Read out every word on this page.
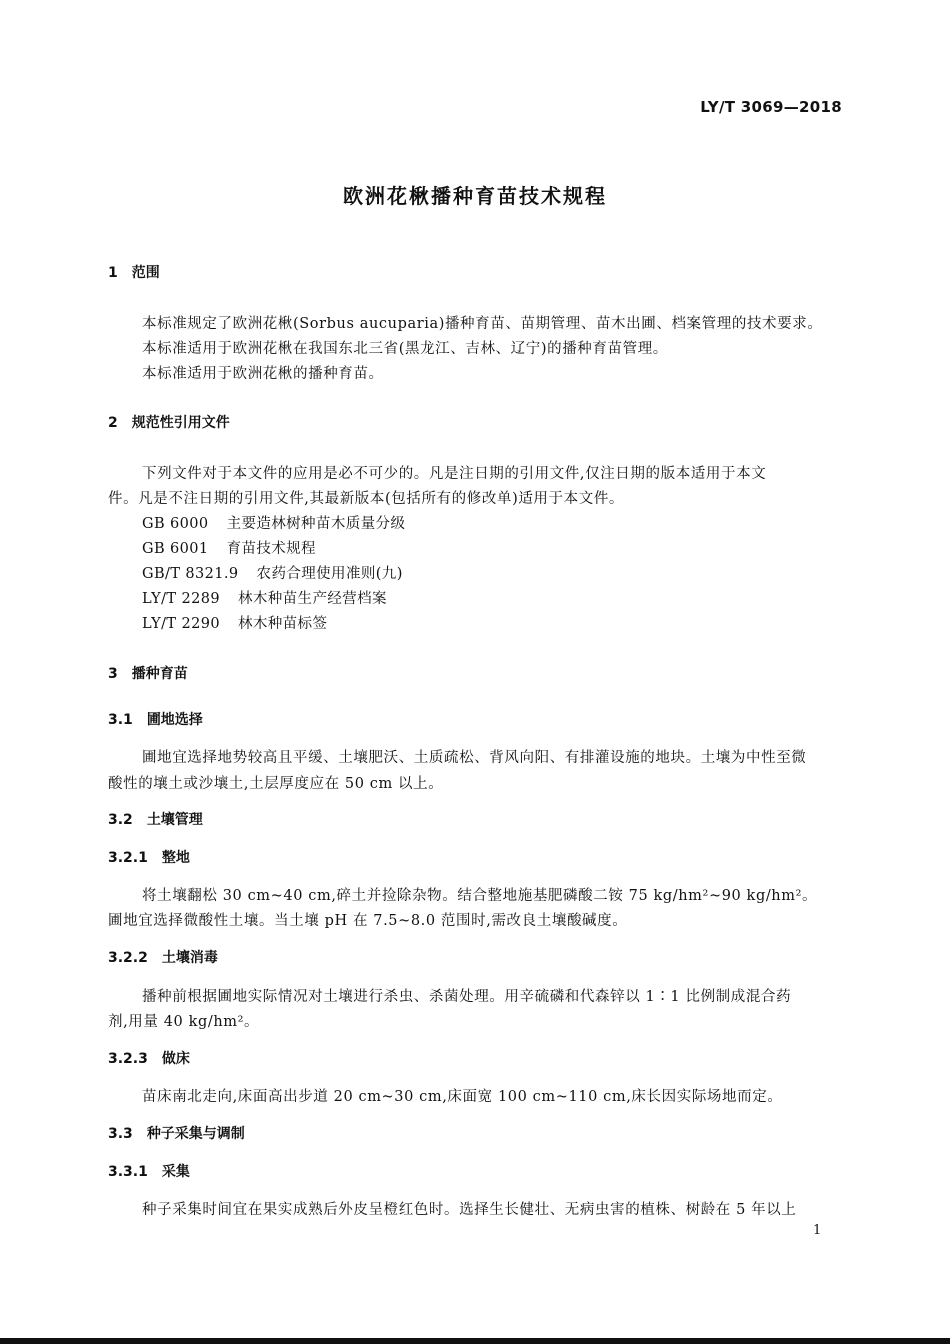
LY/T 3069—2018
欧洲花楸播种育苗技术规程
1 范围
本标准规定了欧洲花楸(Sorbus aucuparia)播种育苗、苗期管理、苗木出圃、档案管理的技术要求。
本标准适用于欧洲花楸在我国东北三省(黑龙江、吉林、辽宁)的播种育苗管理。
本标准适用于欧洲花楸的播种育苗。
2 规范性引用文件
下列文件对于本文件的应用是必不可少的。凡是注日期的引用文件,仅注日期的版本适用于本文
件。凡是不注日期的引用文件,其最新版本(包括所有的修改单)适用于本文件。
GB 6000 主要造林树种苗木质量分级
GB 6001 育苗技术规程
GB/T 8321.9 农药合理使用准则(九)
LY/T 2289 林木种苗生产经营档案
LY/T 2290 林木种苗标签
3 播种育苗
3.1 圃地选择
圃地宜选择地势较高且平缓、土壤肥沃、土质疏松、背风向阳、有排灌设施的地块。土壤为中性至微
酸性的壤土或沙壤土,土层厚度应在 50 cm 以上。
3.2 土壤管理
3.2.1 整地
将土壤翻松 30 cm~40 cm,碎土并捡除杂物。结合整地施基肥磷酸二铵 75 kg/hm²~90 kg/hm²。
圃地宜选择微酸性土壤。当土壤 pH 在 7.5~8.0 范围时,需改良土壤酸碱度。
3.2.2 土壤消毒
播种前根据圃地实际情况对土壤进行杀虫、杀菌处理。用辛硫磷和代森锌以 1∶1 比例制成混合药
剂,用量 40 kg/hm²。
3.2.3 做床
苗床南北走向,床面高出步道 20 cm~30 cm,床面宽 100 cm~110 cm,床长因实际场地而定。
3.3 种子采集与调制
3.3.1 采集
种子采集时间宜在果实成熟后外皮呈橙红色时。选择生长健壮、无病虫害的植株、树龄在 5 年以上
1
